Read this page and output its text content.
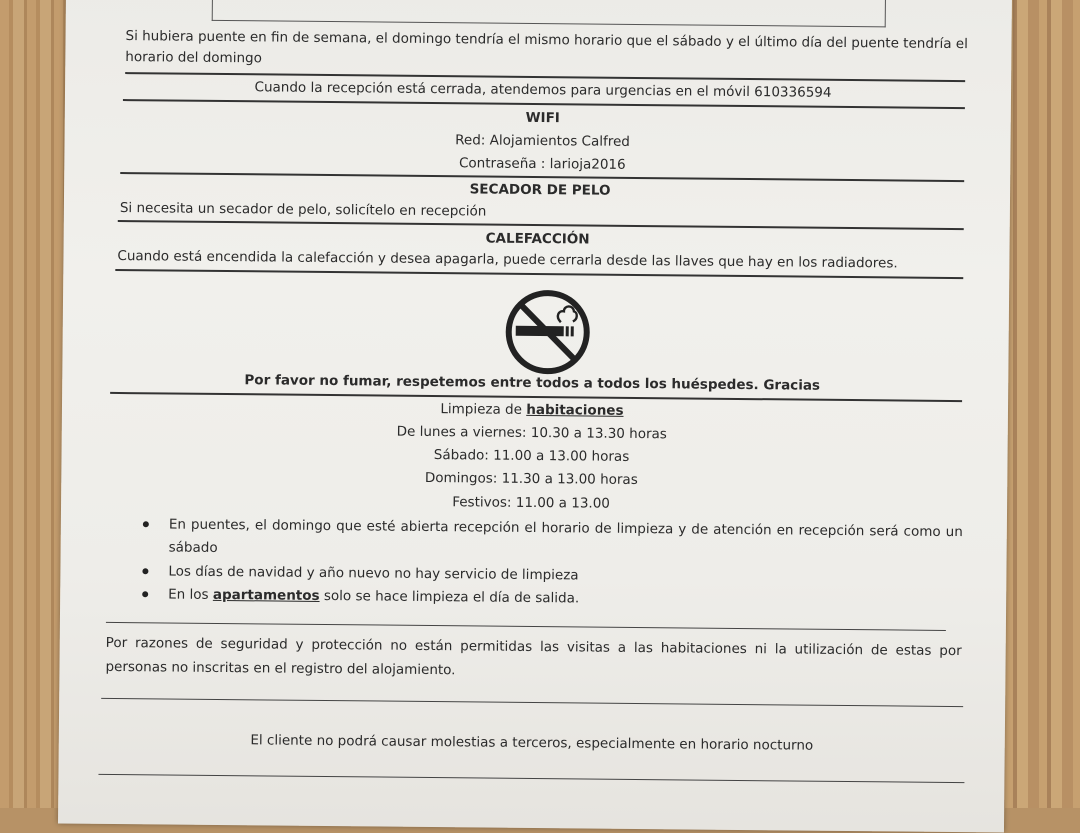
Si hubiera puente en fin de semana, el domingo tendría el mismo horario que el sábado y el último día del puente tendría el
horario del domingo
Cuando la recepción está cerrada, atendemos para urgencias en el móvil 610336594
WIFI
Red: Alojamientos Calfred
Contraseña : larioja2016
SECADOR DE PELO
Si necesita un secador de pelo, solicítelo en recepción
CALEFACCIÓN
Cuando está encendida la calefacción y desea apagarla, puede cerrarla desde las llaves que hay en los radiadores.
Por favor no fumar, respetemos entre todos a todos los huéspedes. Gracias
Limpieza de habitaciones
De lunes a viernes: 10.30 a 13.30 horas
Sábado: 11.00 a 13.00 horas
Domingos: 11.30 a 13.00 horas
Festivos: 11.00 a 13.00
En puentes, el domingo que esté abierta recepción el horario de limpieza y de atención en recepción será como un
sábado
Los días de navidad y año nuevo no hay servicio de limpieza
En los apartamentos solo se hace limpieza el día de salida.
Por razones de seguridad y protección no están permitidas las visitas a las habitaciones ni la utilización de estas por
personas no inscritas en el registro del alojamiento.
El cliente no podrá causar molestias a terceros, especialmente en horario nocturno
